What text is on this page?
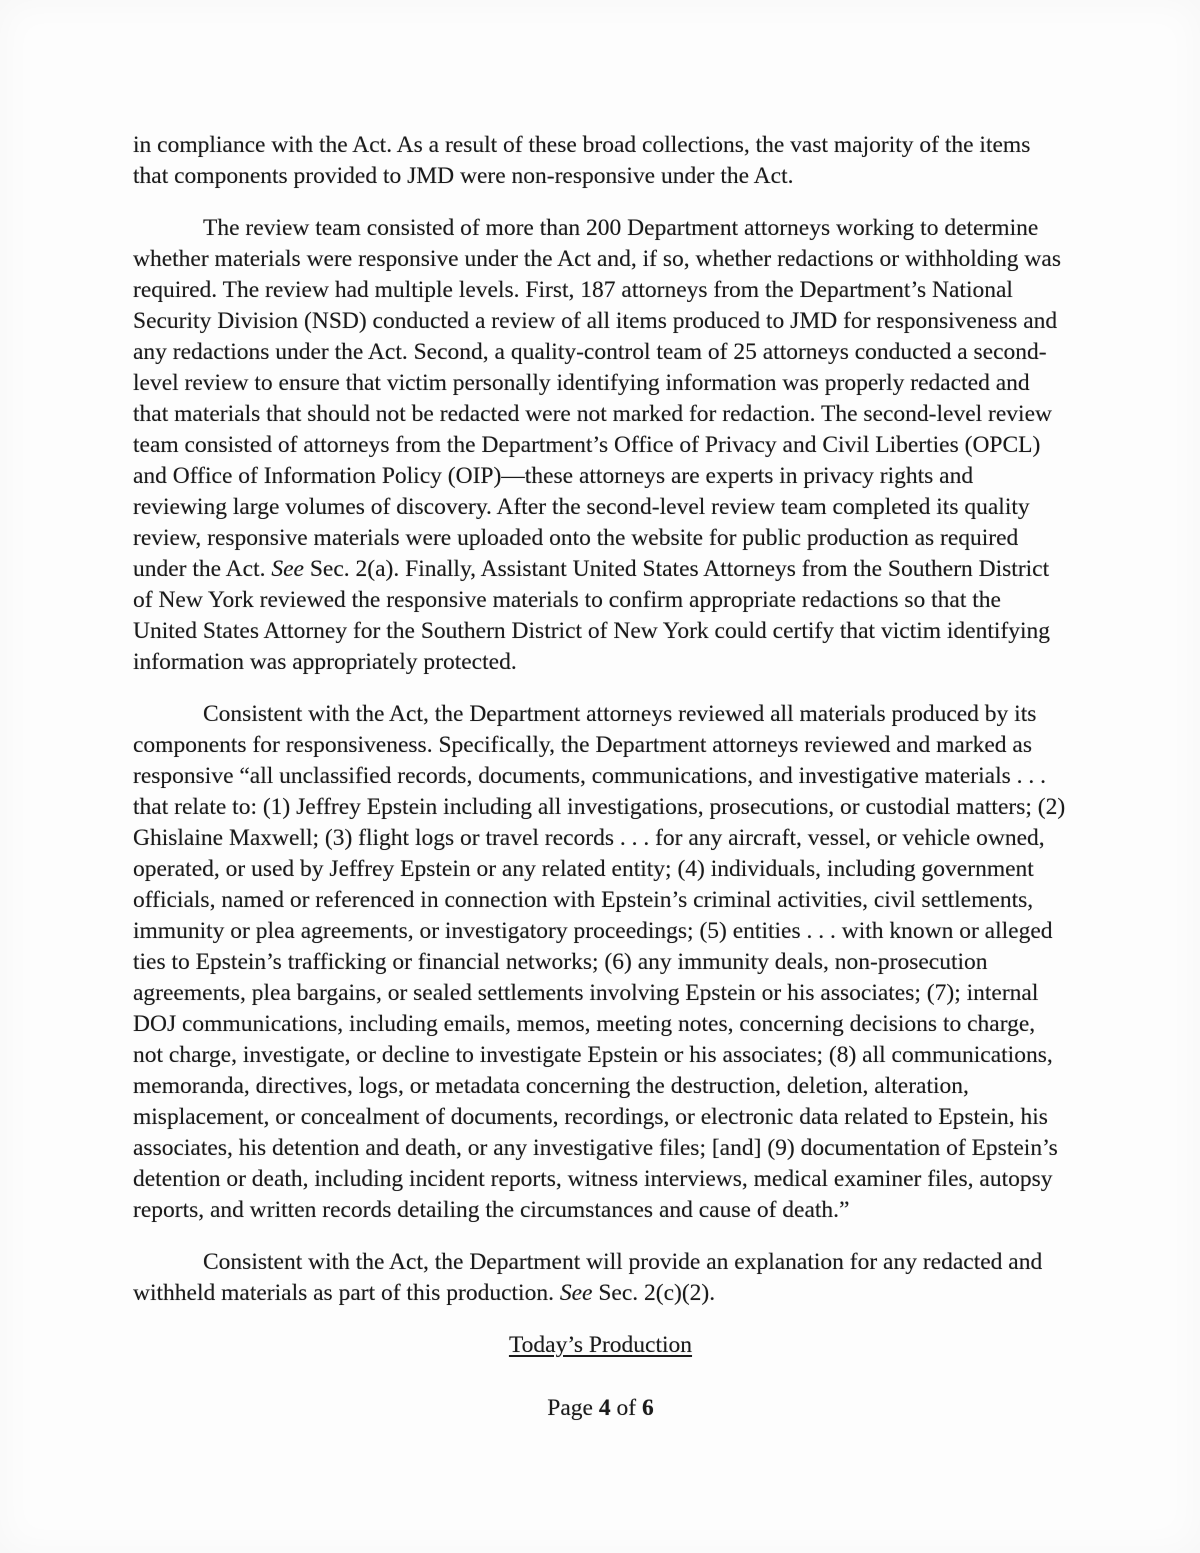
in compliance with the Act. As a result of these broad collections, the vast majority of the items that components provided to JMD were non-responsive under the Act.

The review team consisted of more than 200 Department attorneys working to determine whether materials were responsive under the Act and, if so, whether redactions or withholding was required. The review had multiple levels. First, 187 attorneys from the Department’s National Security Division (NSD) conducted a review of all items produced to JMD for responsiveness and any redactions under the Act. Second, a quality-control team of 25 attorneys conducted a second-level review to ensure that victim personally identifying information was properly redacted and that materials that should not be redacted were not marked for redaction. The second-level review team consisted of attorneys from the Department’s Office of Privacy and Civil Liberties (OPCL) and Office of Information Policy (OIP)—these attorneys are experts in privacy rights and reviewing large volumes of discovery. After the second-level review team completed its quality review, responsive materials were uploaded onto the website for public production as required under the Act. See Sec. 2(a). Finally, Assistant United States Attorneys from the Southern District of New York reviewed the responsive materials to confirm appropriate redactions so that the United States Attorney for the Southern District of New York could certify that victim identifying information was appropriately protected.

Consistent with the Act, the Department attorneys reviewed all materials produced by its components for responsiveness. Specifically, the Department attorneys reviewed and marked as responsive “all unclassified records, documents, communications, and investigative materials . . . that relate to: (1) Jeffrey Epstein including all investigations, prosecutions, or custodial matters; (2) Ghislaine Maxwell; (3) flight logs or travel records . . . for any aircraft, vessel, or vehicle owned, operated, or used by Jeffrey Epstein or any related entity; (4) individuals, including government officials, named or referenced in connection with Epstein’s criminal activities, civil settlements, immunity or plea agreements, or investigatory proceedings; (5) entities . . . with known or alleged ties to Epstein’s trafficking or financial networks; (6) any immunity deals, non-prosecution agreements, plea bargains, or sealed settlements involving Epstein or his associates; (7); internal DOJ communications, including emails, memos, meeting notes, concerning decisions to charge, not charge, investigate, or decline to investigate Epstein or his associates; (8) all communications, memoranda, directives, logs, or metadata concerning the destruction, deletion, alteration, misplacement, or concealment of documents, recordings, or electronic data related to Epstein, his associates, his detention and death, or any investigative files; [and] (9) documentation of Epstein’s detention or death, including incident reports, witness interviews, medical examiner files, autopsy reports, and written records detailing the circumstances and cause of death.”

Consistent with the Act, the Department will provide an explanation for any redacted and withheld materials as part of this production. See Sec. 2(c)(2).

Today’s Production
Page 4 of 6
